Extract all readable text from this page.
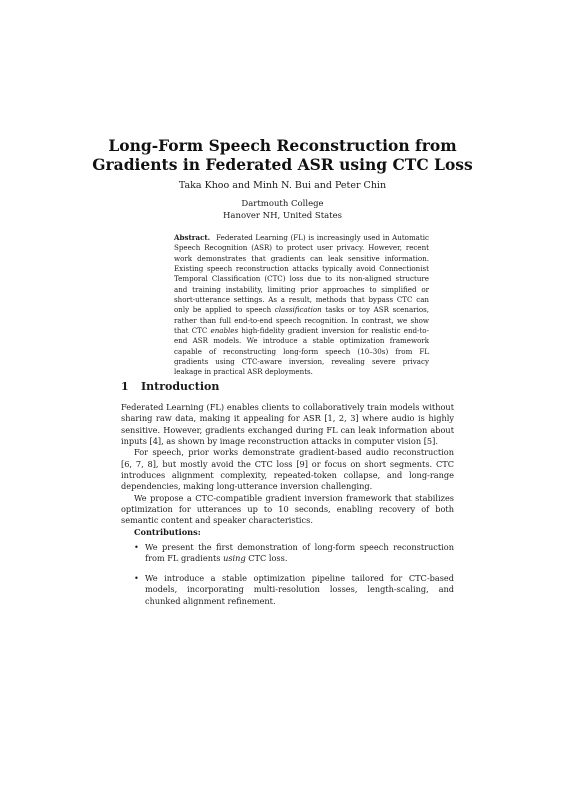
Long-Form Speech Reconstruction from
Gradients in Federated ASR using CTC Loss
Taka Khoo and Minh N. Bui and Peter Chin
Dartmouth College
Hanover NH, United States
Abstract. Federated Learning (FL) is increasingly used in Automatic Speech Recognition (ASR) to protect user privacy. However, recent work demonstrates that gradients can leak sensitive information. Existing speech reconstruction attacks typically avoid Connectionist Temporal Classification (CTC) loss due to its non-aligned structure and training instability, limiting prior approaches to simplified or short-utterance settings. As a result, methods that bypass CTC can only be applied to speech classification tasks or toy ASR scenarios, rather than full end-to-end speech recognition. In contrast, we show that CTC enables high-fidelity gradient inversion for realistic end-to-end ASR models. We introduce a stable optimization framework capable of reconstructing long-form speech (10–30s) from FL gradients using CTC-aware inversion, revealing severe privacy leakage in practical ASR deployments.
1 Introduction

Federated Learning (FL) enables clients to collaboratively train models without sharing raw data, making it appealing for ASR [1, 2, 3] where audio is highly sensitive. However, gradients exchanged during FL can leak information about inputs [4], as shown by image reconstruction attacks in computer vision [5].

For speech, prior works demonstrate gradient-based audio reconstruction [6, 7, 8], but mostly avoid the CTC loss [9] or focus on short segments. CTC introduces alignment complexity, repeated-token collapse, and long-range dependencies, making long-utterance inversion challenging.

We propose a CTC-compatible gradient inversion framework that stabilizes optimization for utterances up to 10 seconds, enabling recovery of both semantic content and speaker characteristics.

Contributions:

• We present the first demonstration of long-form speech reconstruction from FL gradients using CTC loss.
• We introduce a stable optimization pipeline tailored for CTC-based models, incorporating multi-resolution losses, length-scaling, and chunked alignment refinement.
